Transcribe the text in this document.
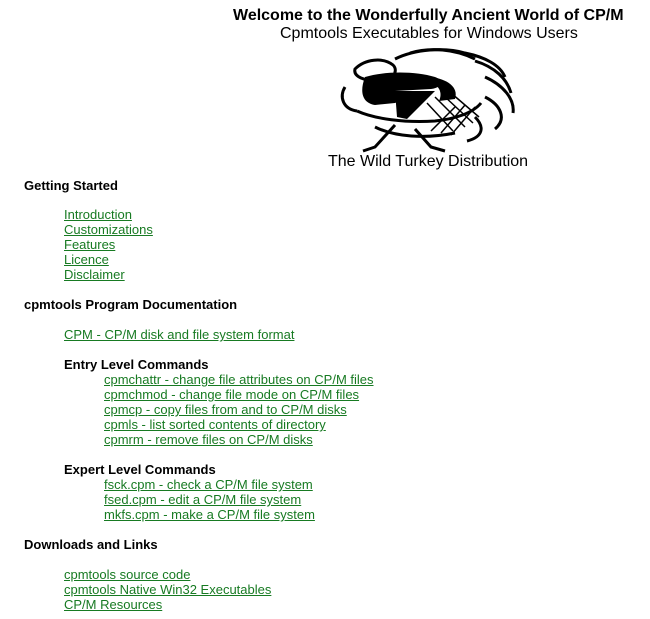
Welcome to the Wonderfully Ancient World of CP/M
Cpmtools Executables for Windows Users
The Wild Turkey Distribution
Getting Started
Introduction
Customizations
Features
Licence
Disclaimer
cpmtools Program Documentation
CPM - CP/M disk and file system format
Entry Level Commands
cpmchattr - change file attributes on CP/M files
cpmchmod - change file mode on CP/M files
cpmcp - copy files from and to CP/M disks
cpmls - list sorted contents of directory
cpmrm - remove files on CP/M disks
Expert Level Commands
fsck.cpm - check a CP/M file system
fsed.cpm - edit a CP/M file system
mkfs.cpm - make a CP/M file system
Downloads and Links
cpmtools source code
cpmtools Native Win32 Executables
CP/M Resources
